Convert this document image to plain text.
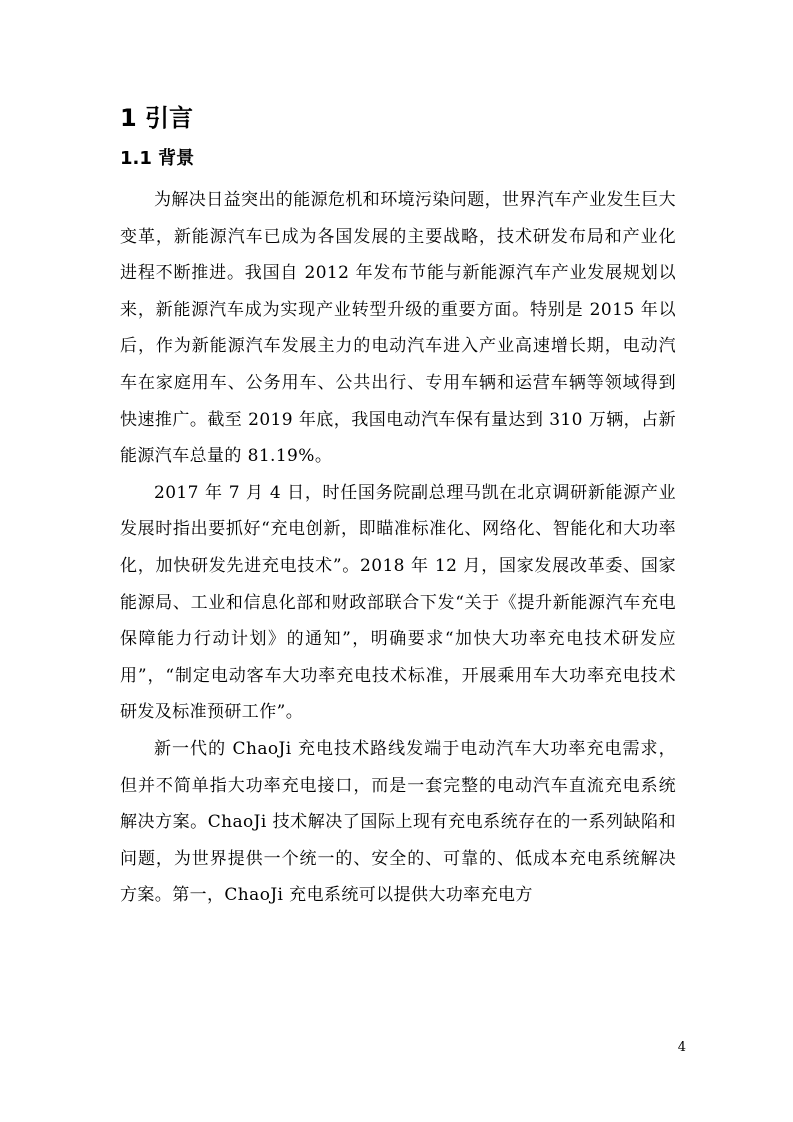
1 引言
1.1 背景

为解决日益突出的能源危机和环境污染问题，世界汽车产业发生巨大变革，新能源汽车已成为各国发展的主要战略，技术研发布局和产业化进程不断推进。我国自 2012 年发布节能与新能源汽车产业发展规划以来，新能源汽车成为实现产业转型升级的重要方面。特别是 2015 年以后，作为新能源汽车发展主力的电动汽车进入产业高速增长期，电动汽车在家庭用车、公务用车、公共出行、专用车辆和运营车辆等领域得到快速推广。截至 2019 年底，我国电动汽车保有量达到 310 万辆，占新能源汽车总量的 81.19%。

2017 年 7 月 4 日，时任国务院副总理马凯在北京调研新能源产业发展时指出要抓好“充电创新，即瞄准标准化、网络化、智能化和大功率化，加快研发先进充电技术”。2018 年 12 月，国家发展改革委、国家能源局、工业和信息化部和财政部联合下发“关于《提升新能源汽车充电保障能力行动计划》的通知”，明确要求“加快大功率充电技术研发应用”，“制定电动客车大功率充电技术标准，开展乘用车大功率充电技术研发及标准预研工作”。

新一代的 ChaoJi 充电技术路线发端于电动汽车大功率充电需求，但并不简单指大功率充电接口，而是一套完整的电动汽车直流充电系统解决方案。ChaoJi 技术解决了国际上现有充电系统存在的一系列缺陷和问题，为世界提供一个统一的、安全的、可靠的、低成本充电系统解决方案。第一，ChaoJi 充电系统可以提供大功率充电方

4
